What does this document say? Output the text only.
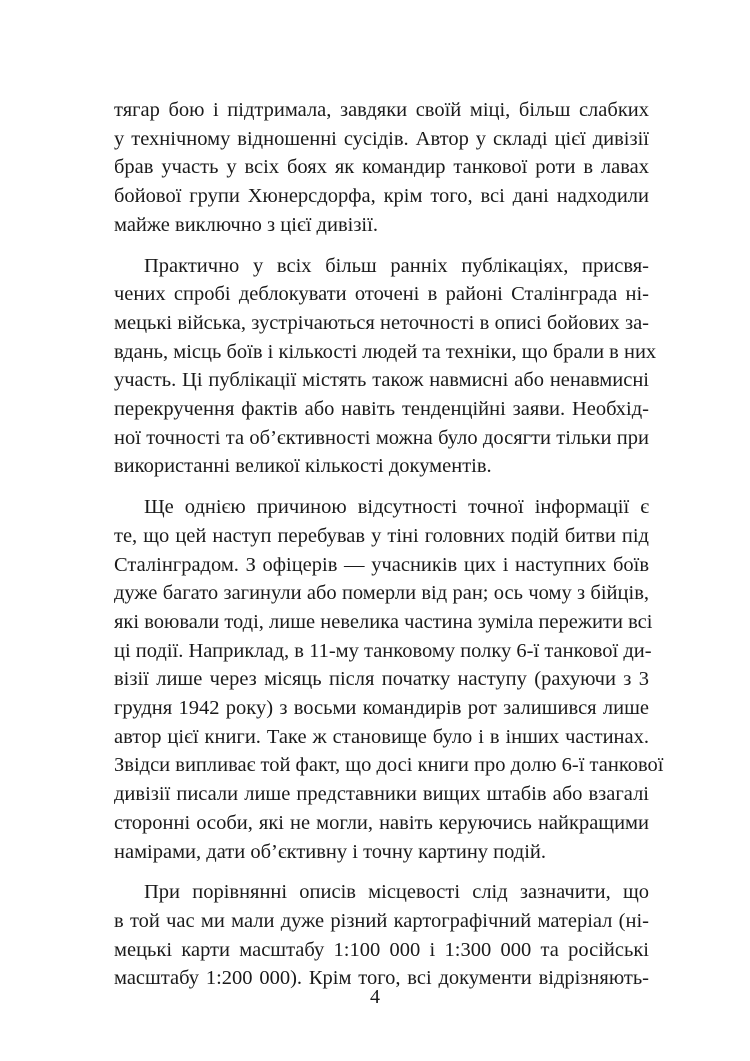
тягар бою і підтримала, завдяки своїй міці, більш слабких
у технічному відношенні сусідів. Автор у складі цієї дивізії
брав участь у всіх боях як командир танкової роти в лавах
бойової групи Хюнерсдорфа, крім того, всі дані надходили
майже виключно з цієї дивізії.

Практично у всіх більш ранніх публікаціях, присвя-
чених спробі деблокувати оточені в районі Сталінграда ні-
мецькі війська, зустрічаються неточності в описі бойових за-
вдань, місць боїв і кількості людей та техніки, що брали в них
участь. Ці публікації містять також навмисні або ненавмисні
перекручення фактів або навіть тенденційні заяви. Необхід-
ної точності та об’єктивності можна було досягти тільки при
використанні великої кількості документів.

Ще однією причиною відсутності точної інформації є
те, що цей наступ перебував у тіні головних подій битви під
Сталінградом. З офіцерів — учасників цих і наступних боїв
дуже багато загинули або померли від ран; ось чому з бійців,
які воювали тоді, лише невелика частина зуміла пережити всі
ці події. Наприклад, в 11-му танковому полку 6-ї танкової ди-
візії лише через місяць після початку наступу (рахуючи з 3
грудня 1942 року) з восьми командирів рот залишився лише
автор цієї книги. Таке ж становище було і в інших частинах.
Звідси випливає той факт, що досі книги про долю 6-ї танкової
дивізії писали лише представники вищих штабів або взагалі
сторонні особи, які не могли, навіть керуючись найкращими
намірами, дати об’єктивну і точну картину подій.

При порівнянні описів місцевості слід зазначити, що
в той час ми мали дуже різний картографічний матеріал (ні-
мецькі карти масштабу 1:100 000 і 1:300 000 та російські
масштабу 1:200 000). Крім того, всі документи відрізняють-

4
